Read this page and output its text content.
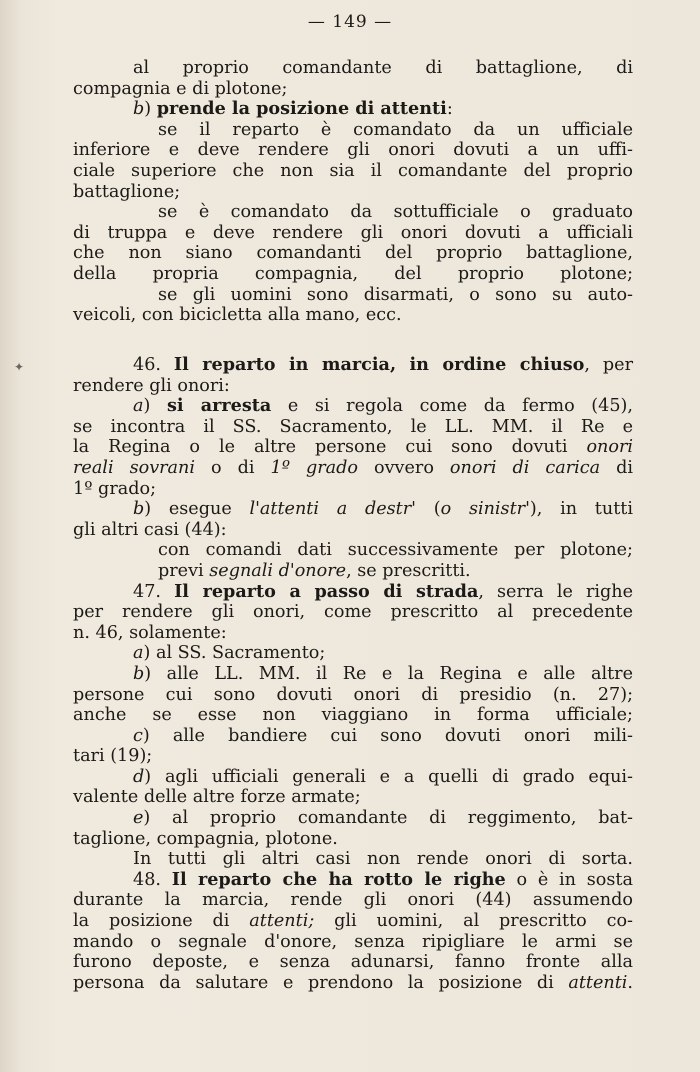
✦
— 149 —
al proprio comandante di battaglione, di
compagnia e di plotone;
b) prende la posizione di attenti:
se il reparto è comandato da un ufficiale
inferiore e deve rendere gli onori dovuti a un uffi-
ciale superiore che non sia il comandante del proprio
battaglione;
se è comandato da sottufficiale o graduato
di truppa e deve rendere gli onori dovuti a ufficiali
che non siano comandanti del proprio battaglione,
della propria compagnia, del proprio plotone;
se gli uomini sono disarmati, o sono su auto-
veicoli, con bicicletta alla mano, ecc.
46. Il reparto in marcia, in ordine chiuso, per
rendere gli onori:
a) si arresta e si regola come da fermo (45),
se incontra il SS. Sacramento, le LL. MM. il Re e
la Regina o le altre persone cui sono dovuti onori
reali sovrani o di 1º grado ovvero onori di carica di
1º grado;
b) esegue l'attenti a destr' (o sinistr'), in tutti
gli altri casi (44):
con comandi dati successivamente per plotone;
previ segnali d'onore, se prescritti.
47. Il reparto a passo di strada, serra le righe
per rendere gli onori, come prescritto al precedente
n. 46, solamente:
a) al SS. Sacramento;
b) alle LL. MM. il Re e la Regina e alle altre
persone cui sono dovuti onori di presidio (n. 27);
anche se esse non viaggiano in forma ufficiale;
c) alle bandiere cui sono dovuti onori mili-
tari (19);
d) agli ufficiali generali e a quelli di grado equi-
valente delle altre forze armate;
e) al proprio comandante di reggimento, bat-
taglione, compagnia, plotone.
In tutti gli altri casi non rende onori di sorta.
48. Il reparto che ha rotto le righe o è in sosta
durante la marcia, rende gli onori (44) assumendo
la posizione di attenti; gli uomini, al prescritto co-
mando o segnale d'onore, senza ripigliare le armi se
furono deposte, e senza adunarsi, fanno fronte alla
persona da salutare e prendono la posizione di attenti.
